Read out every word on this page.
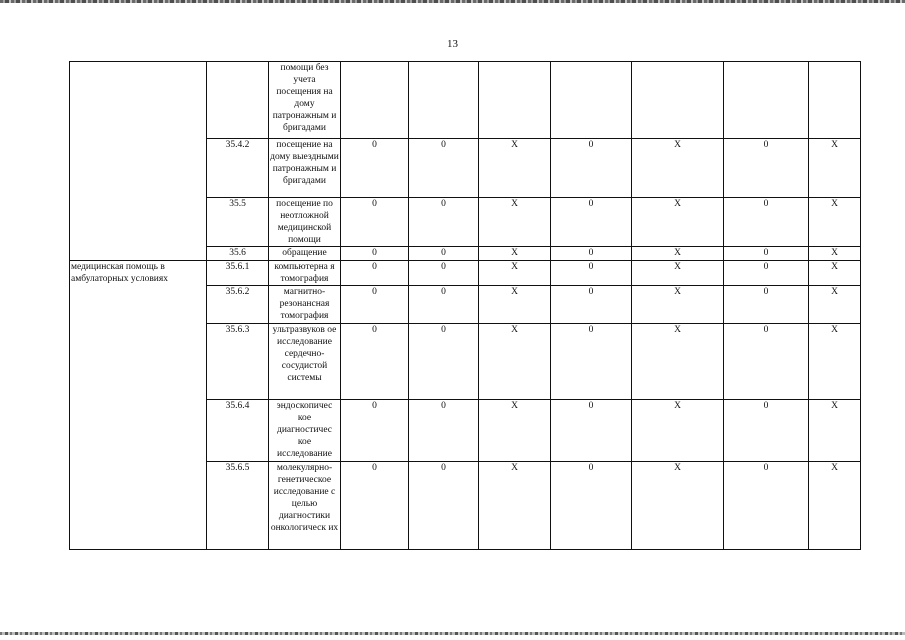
13
		помощи без учета посещения на дому патронажным и бригадами							
	35.4.2	посещение на дому выездными патронажным и бригадами	0	0	Х	0	Х	0	Х
	35.5	посещение по неотложной медицинской помощи	0	0	Х	0	Х	0	Х
	35.6	обращение	0	0	Х	0	Х	0	Х
медицинская помощь в амбулаторных условиях	35.6.1	компьютерна я томография	0	0	Х	0	Х	0	Х
	35.6.2	магнитно-резонансная томография	0	0	Х	0	Х	0	Х
	35.6.3	ультразвуков ое исследование сердечно-сосудистой системы	0	0	Х	0	Х	0	Х
	35.6.4	эндоскопичес кое диагностичес кое исследование	0	0	Х	0	Х	0	Х
	35.6.5	молекулярно-генетическое исследование с целью диагностики онкологическ их	0	0	Х	0	Х	0	Х
